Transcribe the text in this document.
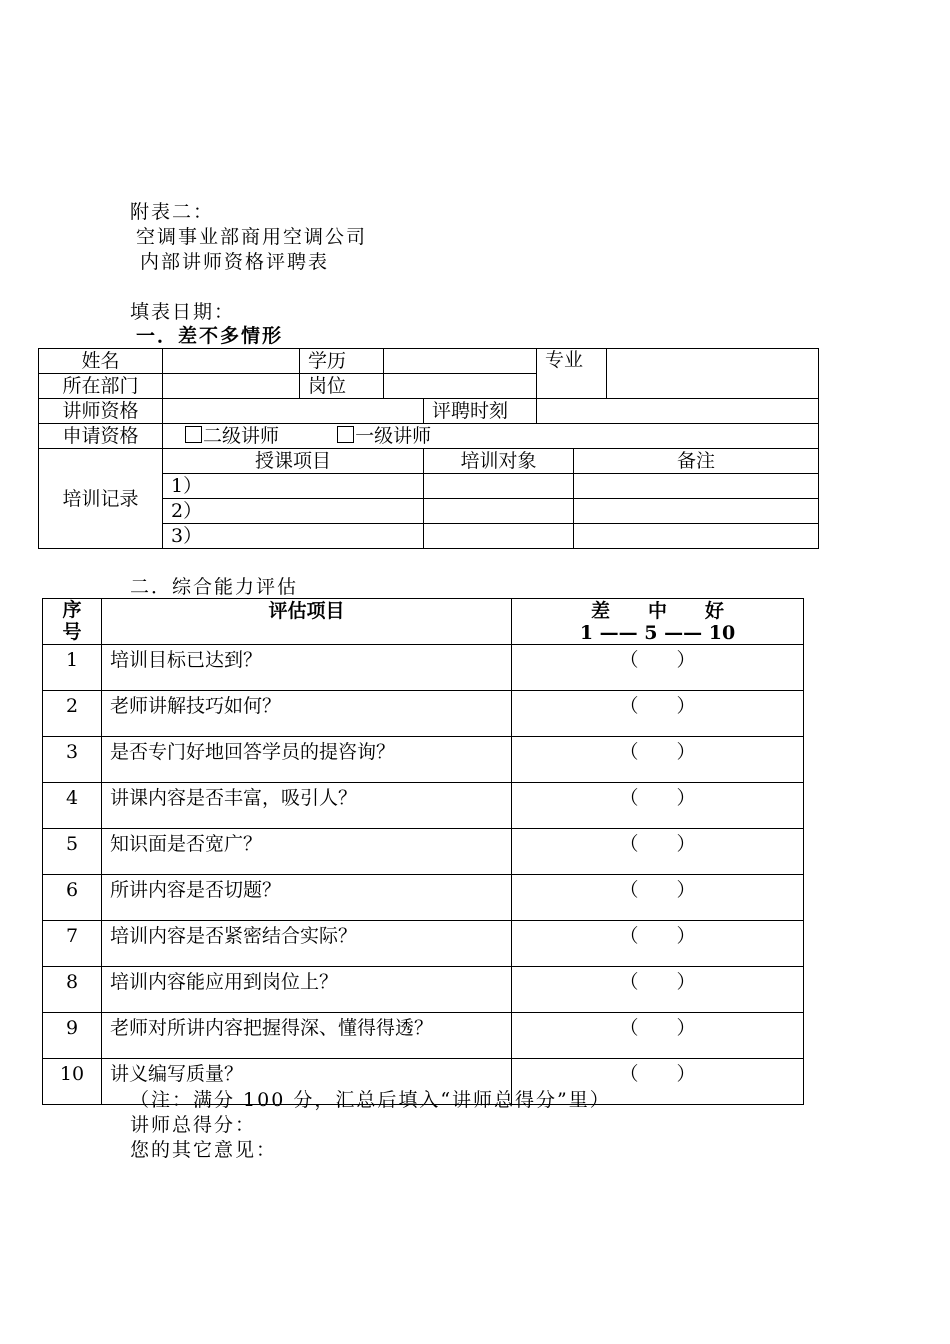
附表二：
空调事业部商用空调公司
内部讲师资格评聘表
填表日期：
一．差不多情形
姓名		学历			专业		
所在部门		岗位					
讲师资格				评聘时刻			
申请资格	二级讲师 一级讲师						
培训记录	授课项目			培训对象		备注	
	1）						
	2）						
	3）						
二．综合能力评估
序号	评估项目	差　　中　　好
1 —— 5 —— 10

1	培训目标已达到？	（ ）

2	老师讲解技巧如何？	（ ）

3	是否专门好地回答学员的提咨询？	（ ）

4	讲课内容是否丰富，吸引人？	（ ）

5	知识面是否宽广？	（ ）

6	所讲内容是否切题？	（ ）

7	培训内容是否紧密结合实际？	（ ）

8	培训内容能应用到岗位上？	（ ）

9	老师对所讲内容把握得深、懂得得透？	（ ）

10	讲义编写质量？	（ ）
（注：满分 100 分，汇总后填入“讲师总得分”里）
讲师总得分：
您的其它意见：
